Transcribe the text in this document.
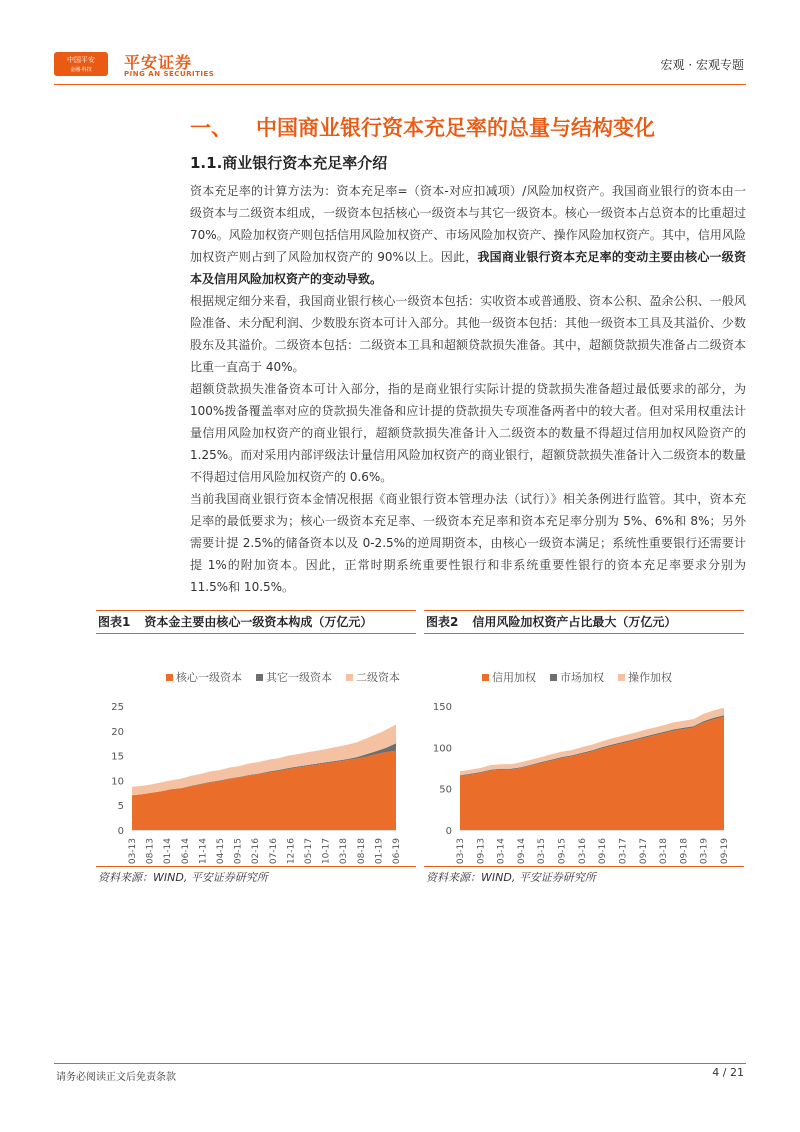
中国平安
金融·科技	平安证券
PING AN SECURITIES
宏观 · 宏观专题
一、 中国商业银行资本充足率的总量与结构变化
1.1.商业银行资本充足率介绍
资本充足率的计算方法为：资本充足率=（资本-对应扣减项）/风险加权资产。我国商业银行的资本由一级资本与二级资本组成，一级资本包括核心一级资本与其它一级资本。核心一级资本占总资本的比重超过 70%。风险加权资产则包括信用风险加权资产、市场风险加权资产、操作风险加权资产。其中，信用风险加权资产则占到了风险加权资产的 90%以上。因此，我国商业银行资本充足率的变动主要由核心一级资本及信用风险加权资产的变动导致。
根据规定细分来看，我国商业银行核心一级资本包括：实收资本或普通股、资本公积、盈余公积、一般风险准备、未分配利润、少数股东资本可计入部分。其他一级资本包括：其他一级资本工具及其溢价、少数股东及其溢价。二级资本包括：二级资本工具和超额贷款损失准备。其中，超额贷款损失准备占二级资本比重一直高于 40%。
超额贷款损失准备资本可计入部分，指的是商业银行实际计提的贷款损失准备超过最低要求的部分，为 100%拨备覆盖率对应的贷款损失准备和应计提的贷款损失专项准备两者中的较大者。但对采用权重法计量信用风险加权资产的商业银行，超额贷款损失准备计入二级资本的数量不得超过信用加权风险资产的 1.25%。而对采用内部评级法计量信用风险加权资产的商业银行，超额贷款损失准备计入二级资本的数量不得超过信用风险加权资产的 0.6%。
当前我国商业银行资本金情况根据《商业银行资本管理办法（试行）》相关条例进行监管。其中，资本充足率的最低要求为；核心一级资本充足率、一级资本充足率和资本充足率分别为 5%、6%和 8%；另外需要计提 2.5%的储备资本以及 0-2.5%的逆周期资本，由核心一级资本满足；系统性重要银行还需要计提 1%的附加资本。因此，正常时期系统重要性银行和非系统重要性银行的资本充足率要求分别为 11.5%和 10.5%。
图表1 资本金主要由核心一级资本构成（万亿元）
核心一级资本 其它一级资本 二级资本
0
5
10
15
20
25
03-13 08-13 01-14 06-14 11-14 04-15 09-15 02-16 07-16 12-16 05-17 10-17 03-18 08-18 01-19 06-19
资料来源：WIND, 平安证券研究所
图表2 信用风险加权资产占比最大（万亿元）
信用加权 市场加权 操作加权
0
50
100
150
03-13 09-13 03-14 09-14 03-15 09-15 03-16 09-16 03-17 09-17 03-18 09-18 03-19 09-19
资料来源：WIND, 平安证券研究所
请务必阅读正文后免责条款	4 / 21
